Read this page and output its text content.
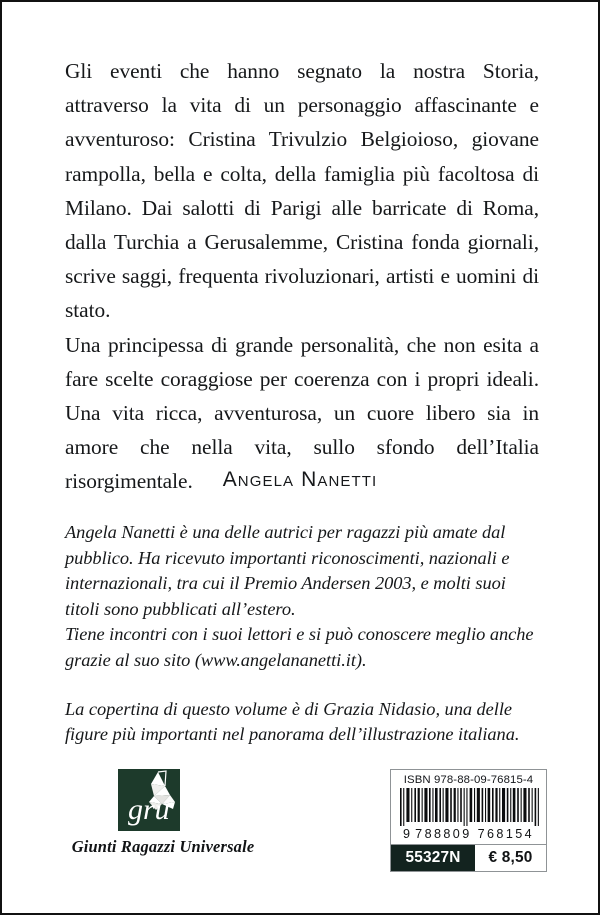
Gli eventi che hanno segnato la nostra Storia, attraverso la vita di un personaggio affascinante e avventuroso: Cristina Trivulzio Belgioioso, giovane rampolla, bella e colta, della famiglia più facoltosa di Milano. Dai salotti di Parigi alle barricate di Roma, dalla Turchia a Gerusalemme, Cristina fonda giornali, scrive saggi, frequenta rivoluzionari, artisti e uomini di stato.

Una principessa di grande personalità, che non esita a fare scelte coraggiose per coerenza con i propri ideali. Una vita ricca, avventurosa, un cuore libero sia in amore che nella vita, sullo sfondo dell’Italia risorgimentale.	Angela Nanetti

Angela Nanetti è una delle autrici per ragazzi più amate dal pubblico. Ha ricevuto importanti riconoscimenti, nazionali e internazionali, tra cui il Premio Andersen 2003, e molti suoi titoli sono pubblicati all’estero.

Tiene incontri con i suoi lettori e si può conoscere meglio anche grazie al suo sito (www.angelananetti.it).

La copertina di questo volume è di Grazia Nidasio, una delle figure più importanti nel panorama dell’illustrazione italiana.

gru
Giunti Ragazzi Universale
ISBN 978-88-09-76815-4
9 788809 768154
55327N	€ 8,50
